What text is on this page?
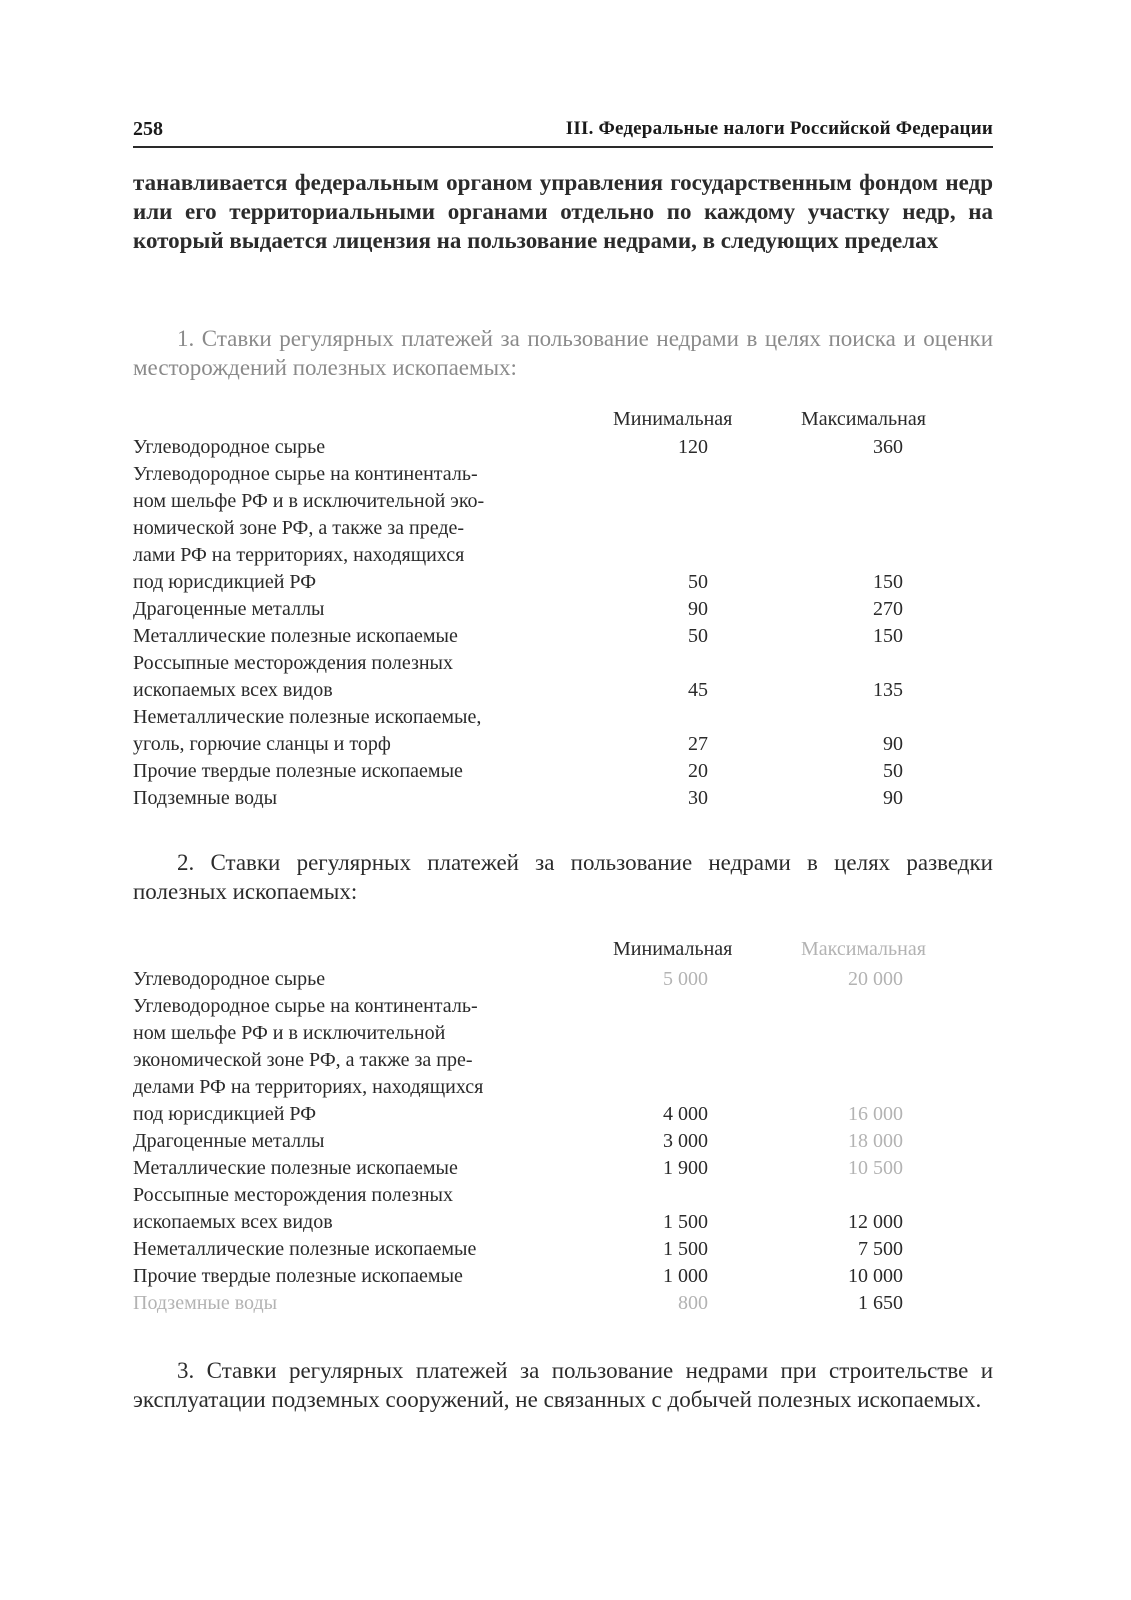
258	III. Федеральные налоги Российской Федерации
танавливается федеральным органом управления государственным фондом недр или его территориальными органами отдельно по каждому участку недр, на который выдается лицензия на пользование недрами, в следующих пределах
1. Ставки регулярных платежей за пользование недрами в целях поиска и оценки месторождений полезных ископаемых:
Минимальная	Максимальная
Углеводородное сырье	120	360
Углеводородное сырье на континенталь-
ном шельфе РФ и в исключительной эко-
номической зоне РФ, а также за преде-
лами РФ на территориях, находящихся
под юрисдикцией РФ	50	150
Драгоценные металлы	90	270
Металлические полезные ископаемые	50	150
Россыпные месторождения полезных
ископаемых всех видов	45	135
Неметаллические полезные ископаемые,
уголь, горючие сланцы и торф	27	90
Прочие твердые полезные ископаемые	20	50
Подземные воды	30	90
2. Ставки регулярных платежей за пользование недрами в целях разведки полезных ископаемых:
Минимальная	Максимальная
Углеводородное сырье	5 000	20 000
Углеводородное сырье на континенталь-
ном шельфе РФ и в исключительной
экономической зоне РФ, а также за пре-
делами РФ на территориях, находящихся
под юрисдикцией РФ	4 000	16 000
Драгоценные металлы	3 000	18 000
Металлические полезные ископаемые	1 900	10 500
Россыпные месторождения полезных
ископаемых всех видов	1 500	12 000
Неметаллические полезные ископаемые	1 500	7 500
Прочие твердые полезные ископаемые	1 000	10 000
Подземные воды	800	1 650
3. Ставки регулярных платежей за пользование недрами при строительстве и эксплуатации подземных сооружений, не связанных с добычей полезных ископаемых.
